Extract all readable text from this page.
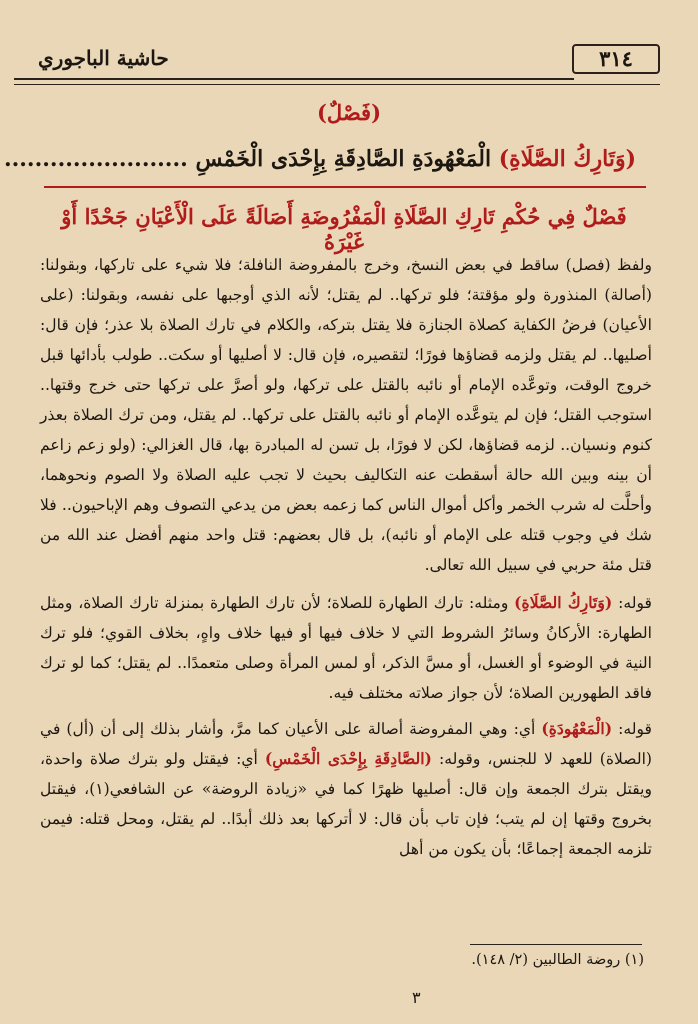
٣١٤
حاشية الباجوري
(فَصْلٌ)
(وَتَارِكُ الصَّلَاةِ) الْمَعْهُودَةِ الصَّادِقَةِ بِإِحْدَى الْخَمْسِ ........................
فَصْلٌ فِي حُكْمِ تَارِكِ الصَّلَاةِ الْمَفْرُوضَةِ أَصَالَةً عَلَى الْأَعْيَانِ جَحْدًا أَوْ غَيْرَهُ

ولفظ (فصل) ساقط في بعض النسخ، وخرج بالمفروضة النافلة؛ فلا شيء على تاركها، وبقولنا: (أصالة) المنذورة ولو مؤقتة؛ فلو تركها.. لم يقتل؛ لأنه الذي أوجبها على نفسه، وبقولنا: (على الأعيان) فرضُ الكفاية كصلاة الجنازة فلا يقتل بتركه، والكلام في تارك الصلاة بلا عذر؛ فإن قال: أصليها.. لم يقتل ولزمه قضاؤها فورًا؛ لتقصيره، فإن قال: لا أصليها أو سكت.. طولب بأدائها قبل خروج الوقت، وتوعَّده الإمام أو نائبه بالقتل على تركها، ولو أصرَّ على تركها حتى خرج وقتها.. استوجب القتل؛ فإن لم يتوعَّده الإمام أو نائبه بالقتل على تركها.. لم يقتل، ومن ترك الصلاة بعذر كنوم ونسيان.. لزمه قضاؤها، لكن لا فورًا، بل تسن له المبادرة بها، قال الغزالي: (ولو زعم زاعم أن بينه وبين الله حالة أسقطت عنه التكاليف بحيث لا تجب عليه الصلاة ولا الصوم ونحوهما، وأحلَّت له شرب الخمر وأكل أموال الناس كما زعمه بعض من يدعي التصوف وهم الإباحيون.. فلا شك في وجوب قتله على الإمام أو نائبه)، بل قال بعضهم: قتل واحد منهم أفضل عند الله من قتل مئة حربي في سبيل الله تعالى.

قوله: (وَتَارِكُ الصَّلَاةِ) ومثله: تارك الطهارة للصلاة؛ لأن تارك الطهارة بمنزلة تارك الصلاة، ومثل الطهارة: الأركانُ وسائرُ الشروط التي لا خلاف فيها أو فيها خلاف واهٍ، بخلاف القوي؛ فلو ترك النية في الوضوء أو الغسل، أو مسَّ الذكر، أو لمس المرأة وصلى متعمدًا.. لم يقتل؛ كما لو ترك فاقد الطهورين الصلاة؛ لأن جواز صلاته مختلف فيه.

قوله: (الْمَعْهُودَةِ) أي: وهي المفروضة أصالة على الأعيان كما مرَّ، وأشار بذلك إلى أن (أل) في (الصلاة) للعهد لا للجنس، وقوله: (الصَّادِقَةِ بِإِحْدَى الْخَمْسِ) أي: فيقتل ولو بترك صلاة واحدة، ويقتل بترك الجمعة وإن قال: أصليها ظهرًا كما في «زيادة الروضة» عن الشافعي(١)، فيقتل بخروج وقتها إن لم يتب؛ فإن تاب بأن قال: لا أتركها بعد ذلك أبدًا.. لم يقتل، ومحل قتله: فيمن تلزمه الجمعة إجماعًا؛ بأن يكون من أهل

(١) روضة الطالبين (٢/ ١٤٨).
٣
